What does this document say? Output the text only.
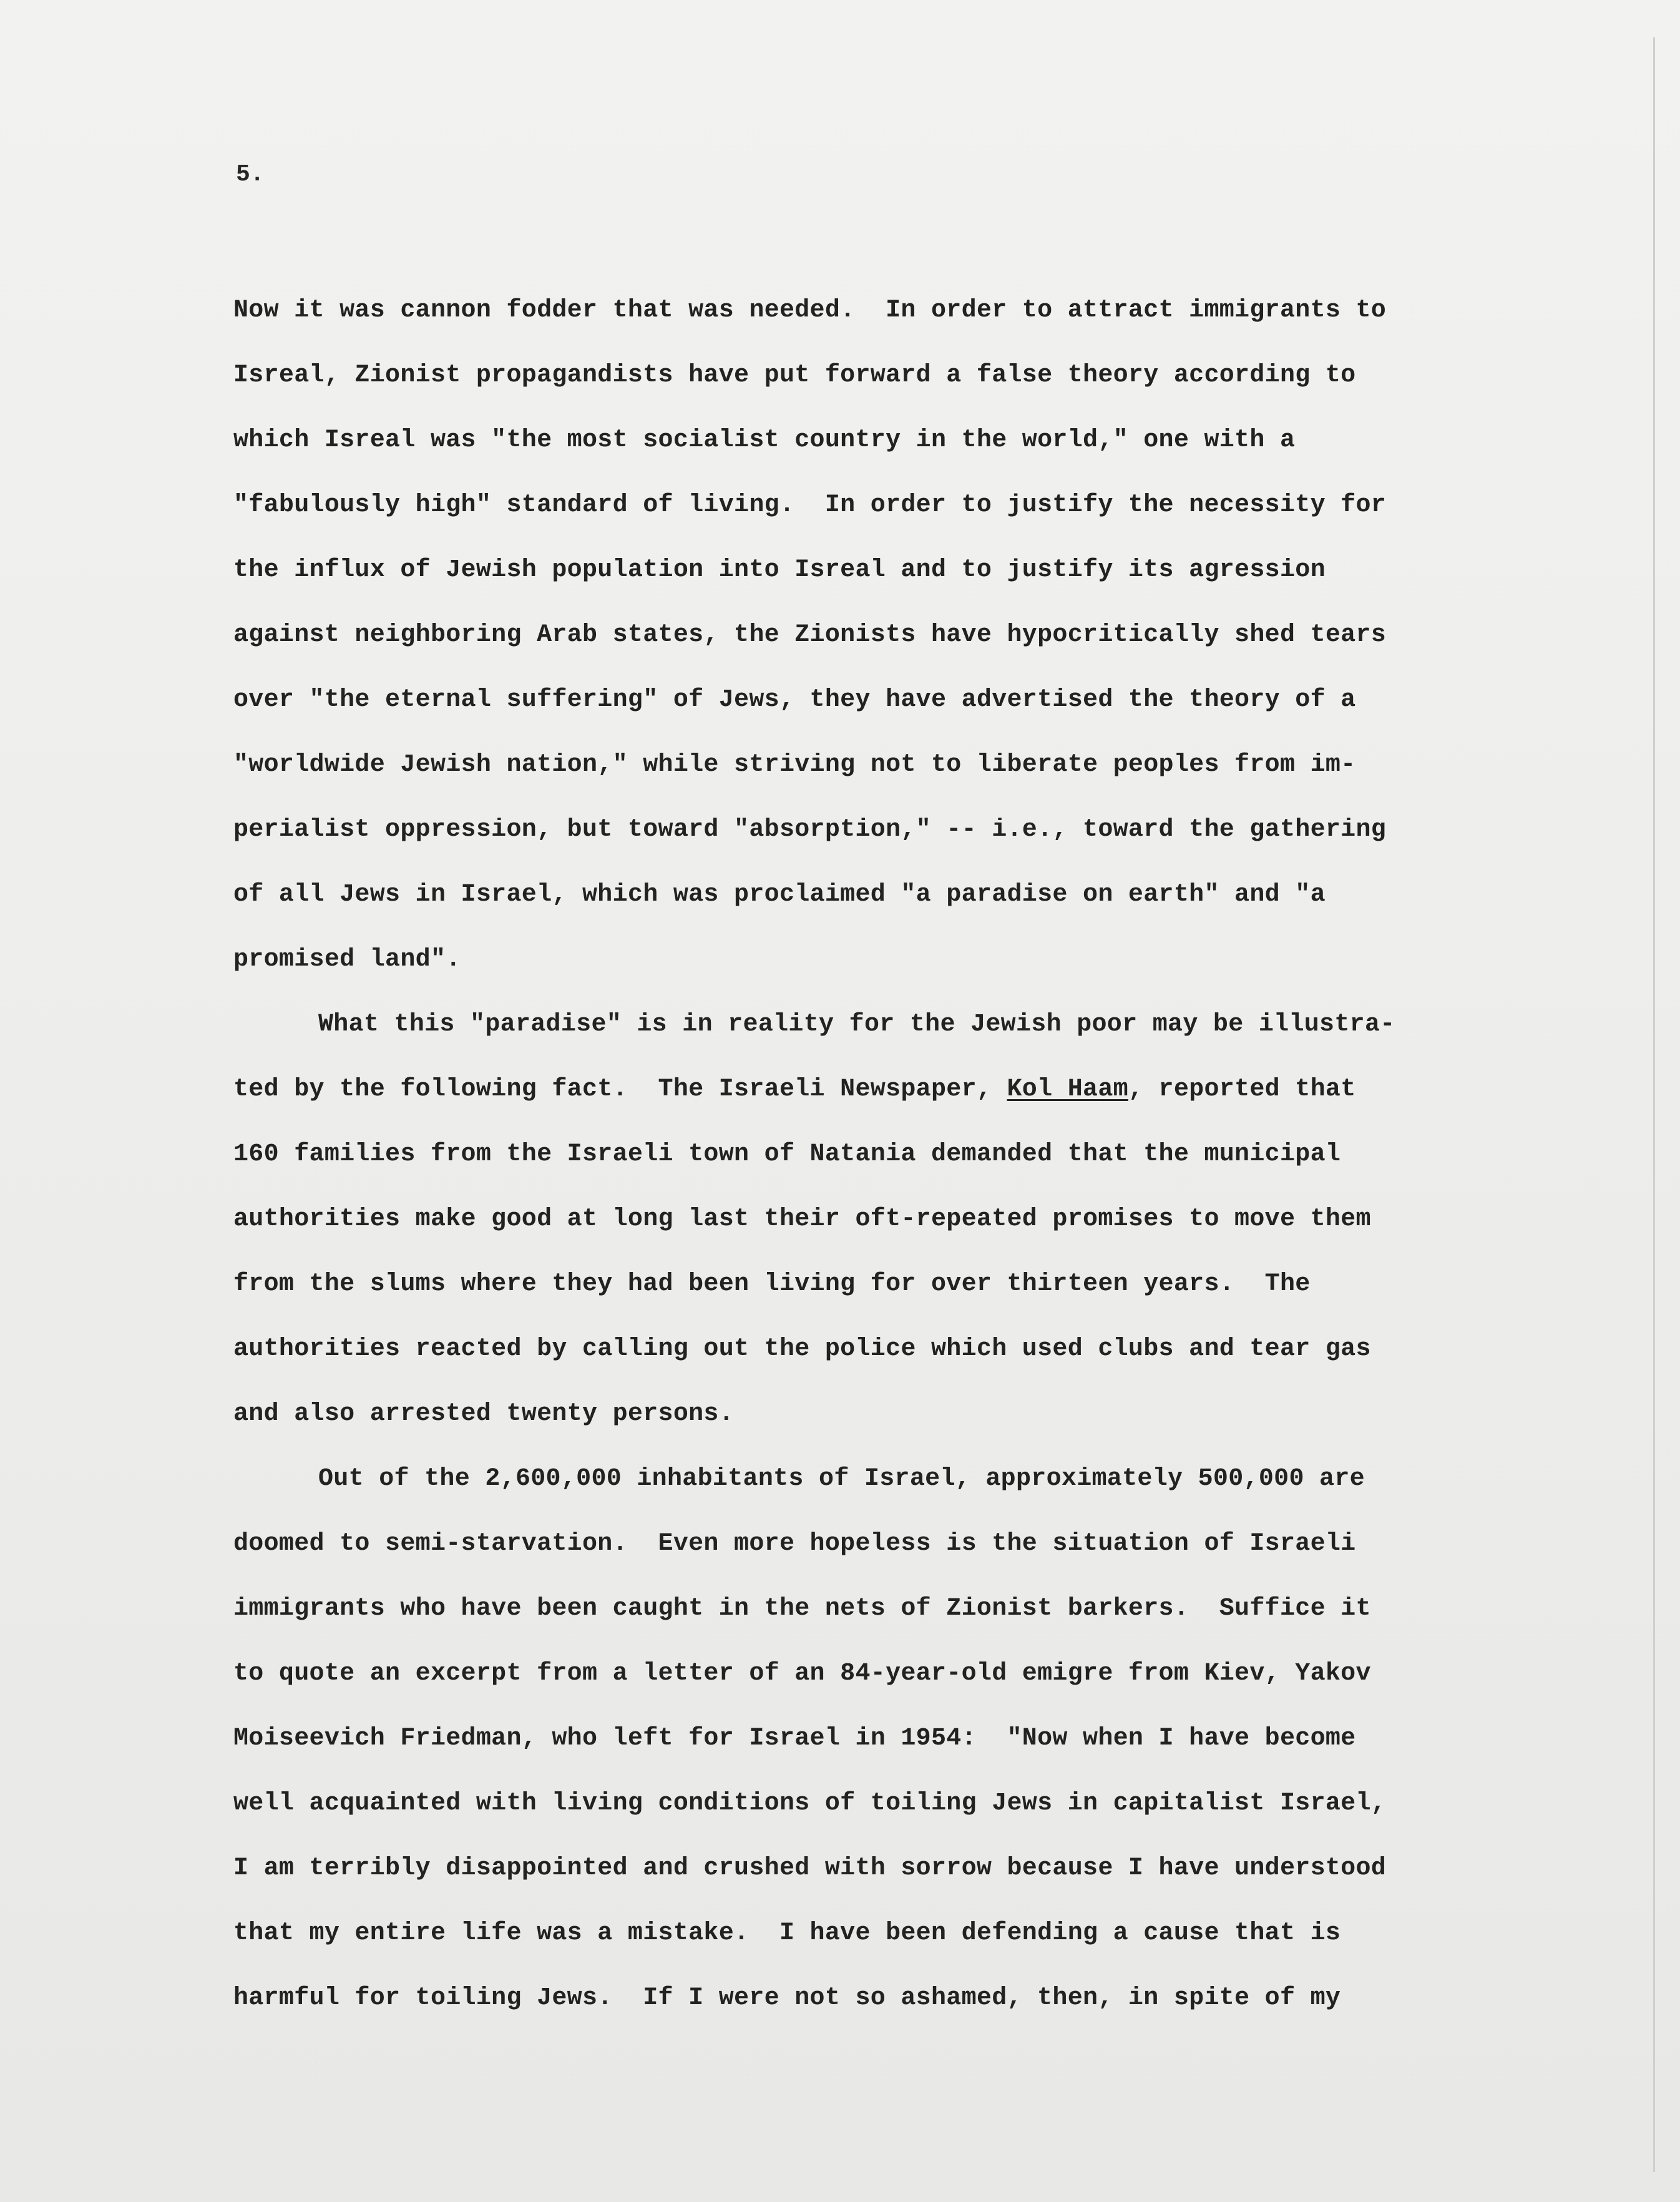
5.
Now it was cannon fodder that was needed.  In order to attract immigrants to
Isreal, Zionist propagandists have put forward a false theory according to
which Isreal was "the most socialist country in the world," one with a
"fabulously high" standard of living.  In order to justify the necessity for
the influx of Jewish population into Isreal and to justify its agression
against neighboring Arab states, the Zionists have hypocritically shed tears
over "the eternal suffering" of Jews, they have advertised the theory of a
"worldwide Jewish nation," while striving not to liberate peoples from im-
perialist oppression, but toward "absorption," -- i.e., toward the gathering
of all Jews in Israel, which was proclaimed "a paradise on earth" and "a
promised land".
What this "paradise" is in reality for the Jewish poor may be illustra-
ted by the following fact.  The Israeli Newspaper, Kol Haam, reported that
160 families from the Israeli town of Natania demanded that the municipal
authorities make good at long last their oft-repeated promises to move them
from the slums where they had been living for over thirteen years.  The
authorities reacted by calling out the police which used clubs and tear gas
and also arrested twenty persons.
Out of the 2,600,000 inhabitants of Israel, approximately 500,000 are
doomed to semi-starvation.  Even more hopeless is the situation of Israeli
immigrants who have been caught in the nets of Zionist barkers.  Suffice it
to quote an excerpt from a letter of an 84-year-old emigre from Kiev, Yakov
Moiseevich Friedman, who left for Israel in 1954:  "Now when I have become
well acquainted with living conditions of toiling Jews in capitalist Israel,
I am terribly disappointed and crushed with sorrow because I have understood
that my entire life was a mistake.  I have been defending a cause that is
harmful for toiling Jews.  If I were not so ashamed, then, in spite of my
